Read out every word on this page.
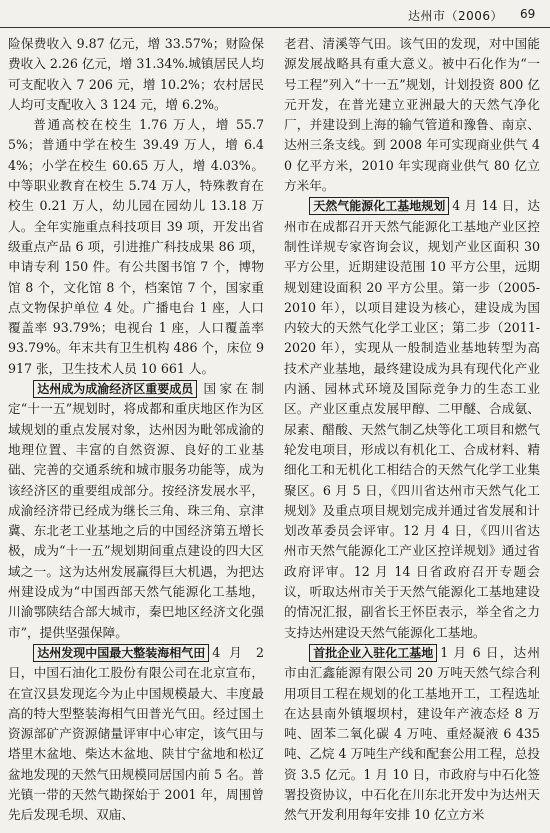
达州市（2006） 69

险保费收入 9.87 亿元，增 33.57%；财险保费收入 2.26 亿元，增 31.34%.城镇居民人均可支配收入 7 206 元，增 10.2%；农村居民人均可支配收入 3 124 元，增 6.2%。

普通高校在校生 1.76 万人，增 55.75%；普通中学在校生 39.49 万人，增 6.44%；小学在校生 60.65 万人，增 4.03%。中等职业教育在校生 5.74 万人，特殊教育在校生 0.21 万人，幼儿园在园幼儿 13.18 万人。全年实施重点科技项目 39 项，开发出省级重点产品 6 项，引进推广科技成果 86 项，申请专利 150 件。有公共图书馆 7 个，博物馆 8 个，文化馆 8 个，档案馆 7 个，国家重点文物保护单位 4 处。广播电台 1 座，人口覆盖率 93.79%；电视台 1 座，人口覆盖率 93.79%。年末共有卫生机构 486 个，床位 9 917 张，卫生技术人员 10 661 人。

达州成为成渝经济区重要成员 国家在制定“十一五”规划时，将成都和重庆地区作为区域规划的重点发展对象，达州因为毗邻成渝的地理位置、丰富的自然资源、良好的工业基础、完善的交通系统和城市服务功能等，成为该经济区的重要组成部分。按经济发展水平，成渝经济带已经成为继长三角、珠三角、京津冀、东北老工业基地之后的中国经济第五增长极，成为“十一五”规划期间重点建设的四大区域之一。这为达州发展赢得巨大机遇，为把达州建设成为“中国西部天然气能源化工基地，川渝鄂陕结合部大城市，秦巴地区经济文化强市”，提供坚强保障。

达州发现中国最大整装海相气田 4 月 2 日，中国石油化工股份有限公司在北京宣布，在宣汉县发现迄今为止中国规模最大、丰度最高的特大型整装海相气田普光气田。经过国土资源部矿产资源储量评审中心审定，该气田与塔里木盆地、柴达木盆地、陕甘宁盆地和松辽盆地发现的天然气田规模同居国内前 5 名。普光镇一带的天然气勘探始于 2001 年，周围曾先后发现毛坝、双庙、

老君、清溪等气田。该气田的发现，对中国能源发展战略具有重大意义。被中石化作为“一号工程”列入“十一五”规划，计划投资 800 亿元开发，在普光建立亚洲最大的天然气净化厂，并建设到上海的输气管道和豫鲁、南京、达州三条支线。到 2008 年可实现商业供气 40 亿平方米，2010 年实现商业供气 80 亿立方米年。

天然气能源化工基地规划 4 月 14 日，达州市在成都召开天然气能源化工基地产业区控制性详规专家咨询会议，规划产业区面积 30 平方公里，近期建设范围 10 平方公里，远期规划建设面积 20 平方公里。第一步（2005-2010 年），以项目建设为核心，建设成为国内较大的天然气化学工业区；第二步（2011-2020 年），实现从一般制造业基地转型为高技术产业基地，最终建设成为具有现代化产业内涵、园林式环境及国际竞争力的生态工业区。产业区重点发展甲醇、二甲醚、合成氨、尿素、醋酸、天然气制乙炔等化工项目和燃气轮发电项目，形成以有机化工、合成材料、精细化工和无机化工相结合的天然气化学工业集聚区。6 月 5 日，《四川省达州市天然气化工规划》及重点项目规划完成并通过省发展和计划改革委员会评审。12 月 4 日，《四川省达州市天然气能源化工产业区控详规划》通过省政府评审。12 月 14 日省政府召开专题会议，听取达州市关于天然气能源化工基地建设的情况汇报，副省长王怀臣表示，举全省之力支持达州建设天然气能源化工基地。

首批企业入驻化工基地 1 月 6 日，达州市由汇鑫能源有限公司 20 万吨天然气综合利用项目工程在规划的化工基地开工，工程选址在达县南外镇堰坝村，建设年产液态烃 8 万吨、固苯二氧化碳 4 万吨、重烃凝液 6 435 吨、乙烷 4 万吨生产线和配套公用工程，总投资 3.5 亿元。1 月 10 日，市政府与中石化签署投资协议，中石化在川东北开发中为达州天然气开发利用每年安排 10 亿立方米
